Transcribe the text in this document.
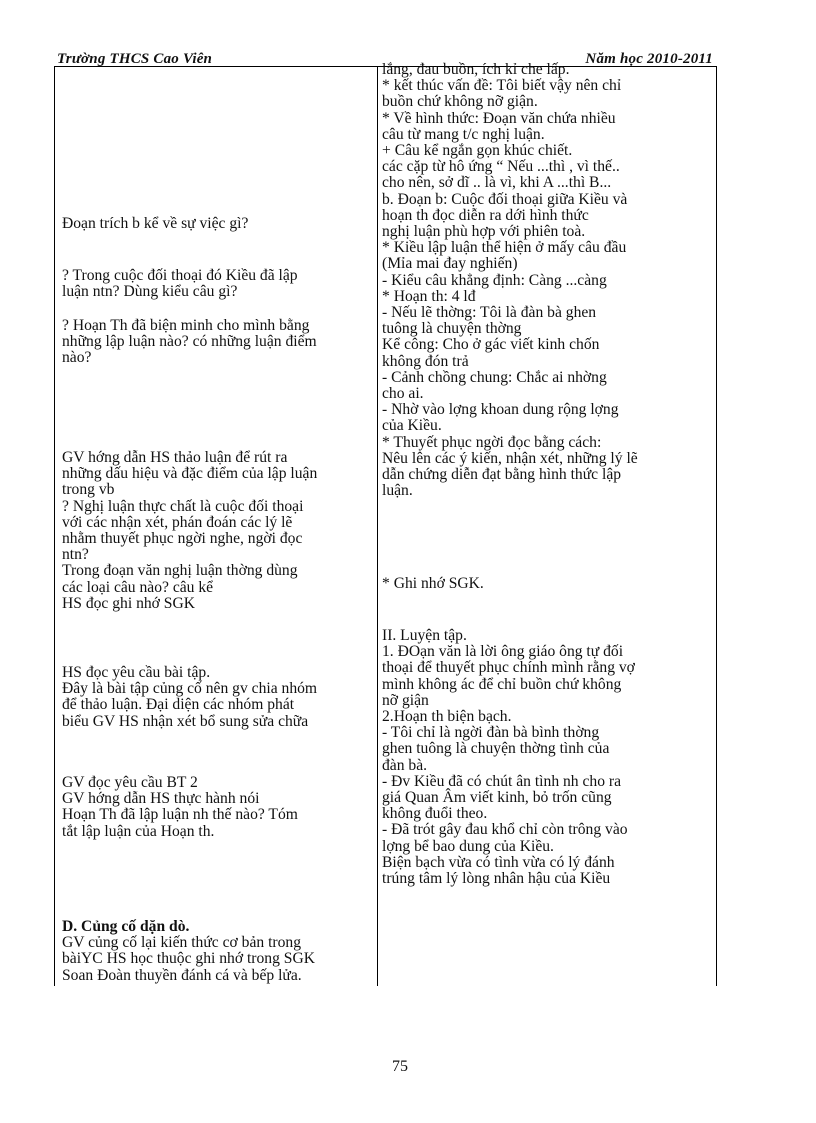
Trường THCS Cao Viên	Năm học 2010-2011

Đoạn trích b kể về sự việc gì?

? Trong cuộc đối thoại đó Kiều đã lập

luận ntn? Dùng kiểu câu gì?

? Hoạn Th đã biện minh cho mình bằng

những lập luận nào? có những luận điểm

nào?

GV hớng dẫn HS thảo luận để rút ra

những dấu hiệu và đặc điểm của lập luận

trong vb

? Nghị luận thực chất là cuộc đối thoại

với các nhận xét, phán đoán các lý lẽ

nhằm thuyết phục ngời nghe, ngời đọc

ntn?

Trong đoạn văn nghị luận thờng dùng

các loại câu nào? câu kể

HS đọc ghi nhớ SGK

HS đọc yêu cầu bài tập.

Đây là bài tập củng cố nên gv chia nhóm

để thảo luận. Đại diện các nhóm phát

biểu GV HS nhận xét bổ sung sửa chữa

GV đọc yêu cầu BT 2

GV hớng dẫn HS thực hành nói

Hoạn Th đã lập luận nh thế nào? Tóm

tắt lập luận của Hoạn th.

D. Củng cố dặn dò.

GV củng cố lại kiến thức cơ bản trong

bàiYC HS học thuộc ghi nhớ trong SGK

Soan Đoàn thuyền đánh cá và bếp lửa.

lắng, đau buồn, ích kỉ che lấp.

* kết thúc vấn đề: Tôi biết vậy nên chỉ

buồn chứ không nỡ giận.

* Về hình thức: Đoạn văn chứa nhiều

câu từ mang t/c nghị luận.

+ Câu kể ngắn gọn khúc chiết.

các cặp từ hô ứng “ Nếu ...thì , vì thế..

cho nên, sở dĩ .. là vì, khi A ...thì B...

b. Đoạn b: Cuộc đối thoại giữa Kiều và

hoạn th đọc diễn ra dới hình thức

nghị luận phù hợp với phiên toà.

* Kiều lập luận thể hiện ở mấy câu đầu

(Mỉa mai đay nghiến)

- Kiểu câu khẳng định: Càng ...càng

* Hoạn th: 4 lđ

- Nếu lẽ thờng: Tôi là đàn bà ghen

tuông là chuyện thờng

Kể công: Cho ở gác viết kinh chốn

không đón trả

- Cảnh chồng chung: Chắc ai nhờng

cho ai.

- Nhờ vào lợng khoan dung rộng lợng

của Kiều.

* Thuyết phục ngời đọc bằng cách:

Nêu lên các ý kiến, nhận xét, những lý lẽ

dẫn chứng diễn đạt bằng hình thức lập

luận.

* Ghi nhớ SGK.

II. Luyện tập.

1. ĐOạn văn là lời ông giáo ông tự đối

thoại để thuyết phục chính mình rằng vợ

mình không ác để chỉ buồn chứ không

nỡ giận

2.Hoạn th biện bạch.

- Tôi chỉ là ngời đàn bà bình thờng

ghen tuông là chuyện thờng tình của

đàn bà.

- Đv Kiều đã có chút ân tình nh cho ra

giá Quan Âm viết kinh, bỏ trốn cũng

không đuổi theo.

- Đã trót gây đau khổ chỉ còn trông vào

lợng bể bao dung của Kiều.

Biện bạch vừa có tình vừa có lý đánh

trúng tâm lý lòng nhân hậu của Kiều

75
